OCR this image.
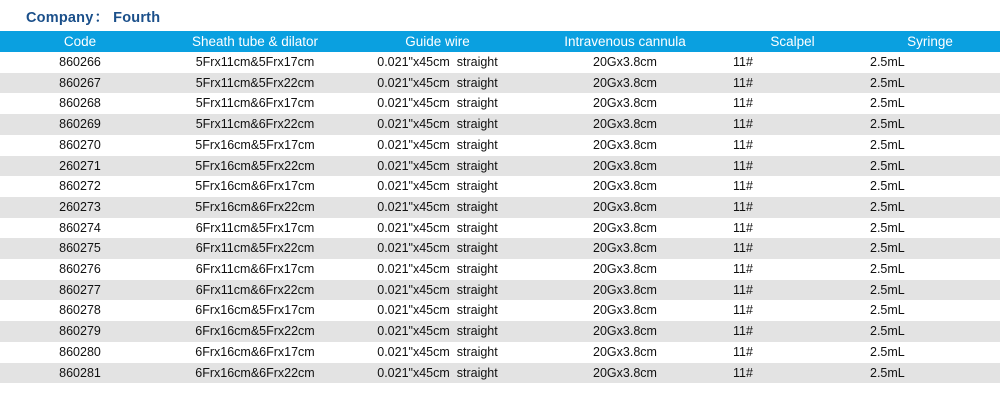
Company ： Fourth
Code	Sheath tube & dilator	Guide wire	Intravenous cannula	Scalpel	Syringe
860266	5Frx11cm&5Frx17cm	0.021"x45cm  straight	20Gx3.8cm	11#	2.5mL
860267	5Frx11cm&5Frx22cm	0.021"x45cm  straight	20Gx3.8cm	11#	2.5mL
860268	5Frx11cm&6Frx17cm	0.021"x45cm  straight	20Gx3.8cm	11#	2.5mL
860269	5Frx11cm&6Frx22cm	0.021"x45cm  straight	20Gx3.8cm	11#	2.5mL
860270	5Frx16cm&5Frx17cm	0.021"x45cm  straight	20Gx3.8cm	11#	2.5mL
260271	5Frx16cm&5Frx22cm	0.021"x45cm  straight	20Gx3.8cm	11#	2.5mL
860272	5Frx16cm&6Frx17cm	0.021"x45cm  straight	20Gx3.8cm	11#	2.5mL
260273	5Frx16cm&6Frx22cm	0.021"x45cm  straight	20Gx3.8cm	11#	2.5mL
860274	6Frx11cm&5Frx17cm	0.021"x45cm  straight	20Gx3.8cm	11#	2.5mL
860275	6Frx11cm&5Frx22cm	0.021"x45cm  straight	20Gx3.8cm	11#	2.5mL
860276	6Frx11cm&6Frx17cm	0.021"x45cm  straight	20Gx3.8cm	11#	2.5mL
860277	6Frx11cm&6Frx22cm	0.021"x45cm  straight	20Gx3.8cm	11#	2.5mL
860278	6Frx16cm&5Frx17cm	0.021"x45cm  straight	20Gx3.8cm	11#	2.5mL
860279	6Frx16cm&5Frx22cm	0.021"x45cm  straight	20Gx3.8cm	11#	2.5mL
860280	6Frx16cm&6Frx17cm	0.021"x45cm  straight	20Gx3.8cm	11#	2.5mL
860281	6Frx16cm&6Frx22cm	0.021"x45cm  straight	20Gx3.8cm	11#	2.5mL
